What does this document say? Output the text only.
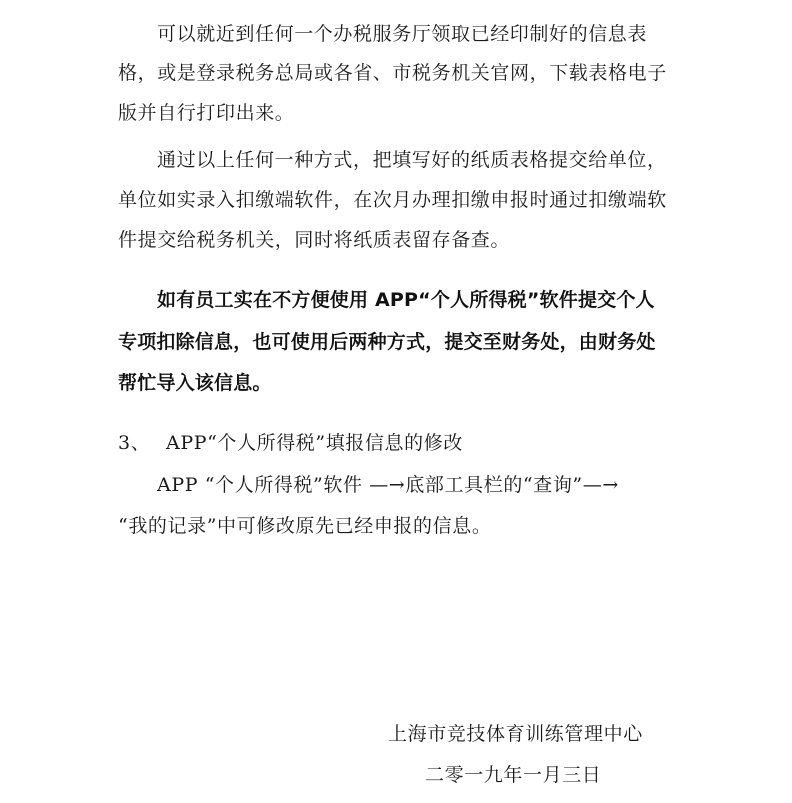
可以就近到任何一个办税服务厅领取已经印制好的信息表
格，或是登录税务总局或各省、市税务机关官网，下载表格电子
版并自行打印出来。
通过以上任何一种方式，把填写好的纸质表格提交给单位，
单位如实录入扣缴端软件，在次月办理扣缴申报时通过扣缴端软
件提交给税务机关，同时将纸质表留存备查。
如有员工实在不方便使用 APP“个人所得税”软件提交个人
专项扣除信息，也可使用后两种方式，提交至财务处，由财务处
帮忙导入该信息。
3、 APP“个人所得税”填报信息的修改
APP “个人所得税”软件 —→底部工具栏的“查询”—→
“我的记录”中可修改原先已经申报的信息。
上海市竞技体育训练管理中心
二零一九年一月三日
